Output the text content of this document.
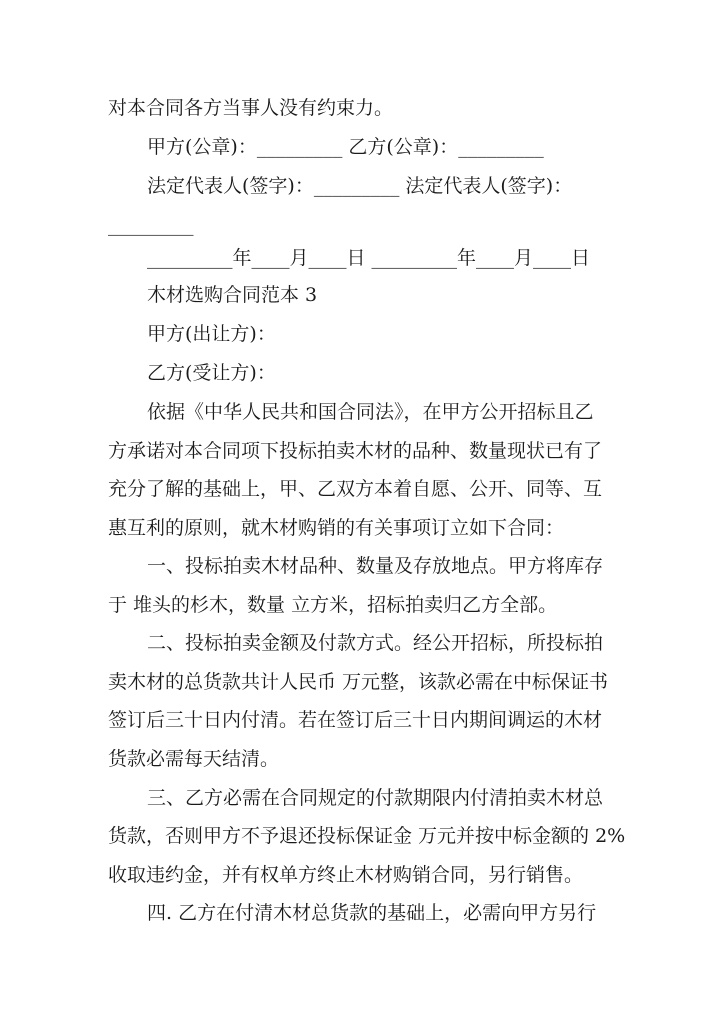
对本合同各方当事人没有约束力。
甲方(公章)：_________ 乙方(公章)：_________
法定代表人(签字)：_________ 法定代表人(签字)：
_________
_________年____月____日 _________年____月____日
木材选购合同范本 3
甲方(出让方)：
乙方(受让方)：
依据《中华人民共和国合同法》，在甲方公开招标且乙
方承诺对本合同项下投标拍卖木材的品种、数量现状已有了
充分了解的基础上，甲、乙双方本着自愿、公开、同等、互
惠互利的原则，就木材购销的有关事项订立如下合同：
一、投标拍卖木材品种、数量及存放地点。甲方将库存
于 堆头的杉木，数量 立方米，招标拍卖归乙方全部。
二、投标拍卖金额及付款方式。经公开招标，所投标拍
卖木材的总货款共计人民币 万元整，该款必需在中标保证书
签订后三十日内付清。若在签订后三十日内期间调运的木材
货款必需每天结清。
三、乙方必需在合同规定的付款期限内付清拍卖木材总
货款，否则甲方不予退还投标保证金 万元并按中标金额的 2%
收取违约金，并有权单方终止木材购销合同，另行销售。
四. 乙方在付清木材总货款的基础上，必需向甲方另行
